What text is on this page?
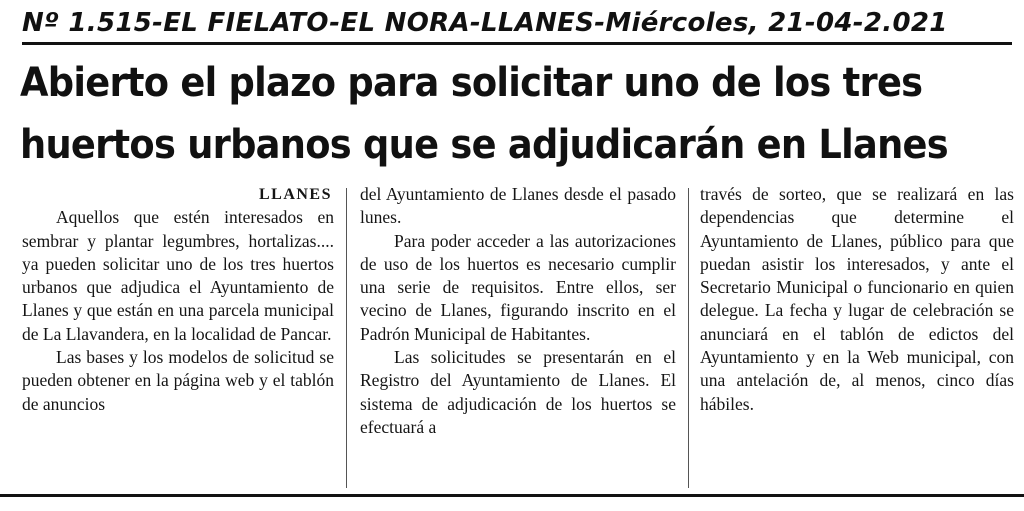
Nº 1.515-EL FIELATO-EL NORA-LLANES-Miércoles, 21-04-2.021
Abierto el plazo para solicitar uno de los tres
huertos urbanos que se adjudicarán en Llanes
LLANES

Aquellos que estén interesados en sembrar y plantar legumbres, hortalizas.... ya pueden solicitar uno de los tres huertos urbanos que adjudica el Ayuntamiento de Llanes y que están en una parcela municipal de La Llavandera, en la localidad de Pancar.

Las bases y los modelos de solicitud se pueden obtener en la página web y el tablón de anuncios

del Ayuntamiento de Llanes desde el pasado lunes.

Para poder acceder a las autorizaciones de uso de los huertos es necesario cumplir una serie de requisitos. Entre ellos, ser vecino de Llanes, figurando inscrito en el Padrón Municipal de Habitantes.

Las solicitudes se presentarán en el Registro del Ayuntamiento de Llanes. El sistema de adjudicación de los huertos se efectuará a

través de sorteo, que se realizará en las dependencias que determine el Ayuntamiento de Llanes, público para que puedan asistir los interesados, y ante el Secretario Municipal o funcionario en quien delegue. La fecha y lugar de celebración se anunciará en el tablón de edictos del Ayuntamiento y en la Web municipal, con una antelación de, al menos, cinco días hábiles.
